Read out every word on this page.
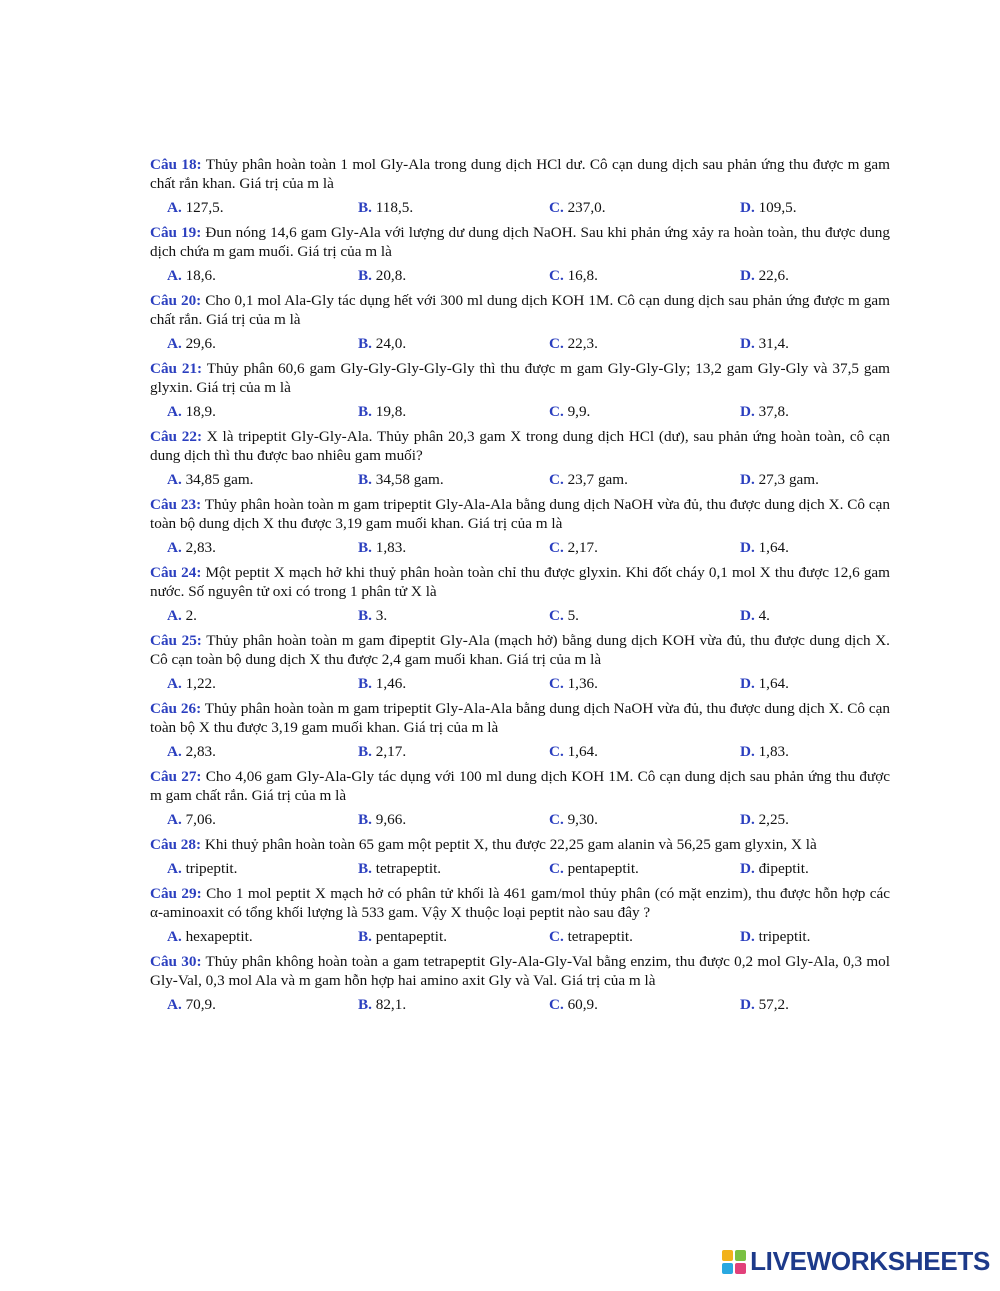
Câu 18: Thủy phân hoàn toàn 1 mol Gly-Ala trong dung dịch HCl dư. Cô cạn dung dịch sau phản ứng thu được m gam chất rắn khan. Giá trị của m là

A. 127,5.	B. 118,5.	C. 237,0.	D. 109,5.

Câu 19: Đun nóng 14,6 gam Gly-Ala với lượng dư dung dịch NaOH. Sau khi phản ứng xảy ra hoàn toàn, thu được dung dịch chứa m gam muối. Giá trị của m là

A. 18,6.	B. 20,8.	C. 16,8.	D. 22,6.

Câu 20: Cho 0,1 mol Ala-Gly tác dụng hết với 300 ml dung dịch KOH 1M. Cô cạn dung dịch sau phản ứng được m gam chất rắn. Giá trị của m là

A. 29,6.	B. 24,0.	C. 22,3.	D. 31,4.

Câu 21: Thủy phân 60,6 gam Gly-Gly-Gly-Gly-Gly thì thu được m gam Gly-Gly-Gly; 13,2 gam Gly-Gly và 37,5 gam glyxin. Giá trị của m là

A. 18,9.	B. 19,8.	C. 9,9.	D. 37,8.

Câu 22: X là tripeptit Gly-Gly-Ala. Thủy phân 20,3 gam X trong dung dịch HCl (dư), sau phản ứng hoàn toàn, cô cạn dung dịch thì thu được bao nhiêu gam muối?

A. 34,85 gam.	B. 34,58 gam.	C. 23,7 gam.	D. 27,3 gam.

Câu 23: Thủy phân hoàn toàn m gam tripeptit Gly-Ala-Ala bằng dung dịch NaOH vừa đủ, thu được dung dịch X. Cô cạn toàn bộ dung dịch X thu được 3,19 gam muối khan. Giá trị của m là

A. 2,83.	B. 1,83.	C. 2,17.	D. 1,64.

Câu 24: Một peptit X mạch hở khi thuỷ phân hoàn toàn chỉ thu được glyxin. Khi đốt cháy 0,1 mol X thu được 12,6 gam nước. Số nguyên tử oxi có trong 1 phân tử X là

A. 2.	B. 3.	C. 5.	D. 4.

Câu 25: Thủy phân hoàn toàn m gam đipeptit Gly-Ala (mạch hở) bằng dung dịch KOH vừa đủ, thu được dung dịch X. Cô cạn toàn bộ dung dịch X thu được 2,4 gam muối khan. Giá trị của m là

A. 1,22.	B. 1,46.	C. 1,36.	D. 1,64.

Câu 26: Thủy phân hoàn toàn m gam tripeptit Gly-Ala-Ala bằng dung dịch NaOH vừa đủ, thu được dung dịch X. Cô cạn toàn bộ X thu được 3,19 gam muối khan. Giá trị của m là

A. 2,83.	B. 2,17.	C. 1,64.	D. 1,83.

Câu 27: Cho 4,06 gam Gly-Ala-Gly tác dụng với 100 ml dung dịch KOH 1M. Cô cạn dung dịch sau phản ứng thu được m gam chất rắn. Giá trị của m là

A. 7,06.	B. 9,66.	C. 9,30.	D. 2,25.

Câu 28: Khi thuỷ phân hoàn toàn 65 gam một peptit X, thu được 22,25 gam alanin và 56,25 gam glyxin, X là

A. tripeptit.	B. tetrapeptit.	C. pentapeptit.	D. đipeptit.

Câu 29: Cho 1 mol peptit X mạch hở có phân tử khối là 461 gam/mol thủy phân (có mặt enzim), thu được hỗn hợp các α-aminoaxit có tổng khối lượng là 533 gam. Vậy X thuộc loại peptit nào sau đây ?

A. hexapeptit.	B. pentapeptit.	C. tetrapeptit.	D. tripeptit.

Câu 30: Thủy phân không hoàn toàn a gam tetrapeptit Gly-Ala-Gly-Val bằng enzim, thu được 0,2 mol Gly-Ala, 0,3 mol Gly-Val, 0,3 mol Ala và m gam hỗn hợp hai amino axit Gly và Val. Giá trị của m là

A. 70,9.	B. 82,1.	C. 60,9.	D. 57,2.
LIVEWORKSHEETS
